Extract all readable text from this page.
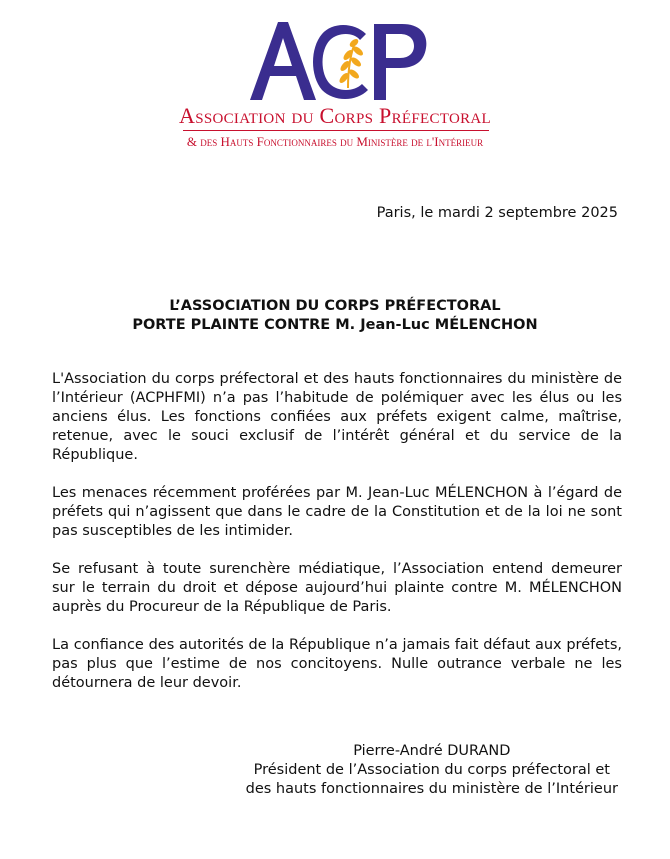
Association du Corps Préfectoral
& des Hauts Fonctionnaires du Ministère de l'Intérieur
Paris, le mardi 2 septembre 2025
L’ASSOCIATION DU CORPS PRÉFECTORAL
PORTE PLAINTE CONTRE M. Jean-Luc MÉLENCHON

L'Association du corps préfectoral et des hauts fonctionnaires du ministère de l’Intérieur (ACPHFMI) n’a pas l’habitude de polémiquer avec les élus ou les anciens élus. Les fonctions confiées aux préfets exigent calme, maîtrise, retenue, avec le souci exclusif de l’intérêt général et du service de la République.

Les menaces récemment proférées par M. Jean-Luc MÉLENCHON à l’égard de préfets qui n’agissent que dans le cadre de la Constitution et de la loi ne sont pas susceptibles de les intimider.

Se refusant à toute surenchère médiatique, l’Association entend demeurer sur le terrain du droit et dépose aujourd’hui plainte contre M. MÉLENCHON auprès du Procureur de la République de Paris.

La confiance des autorités de la République n’a jamais fait défaut aux préfets, pas plus que l’estime de nos concitoyens. Nulle outrance verbale ne les détournera de leur devoir.

Pierre-André DURAND
Président de l’Association du corps préfectoral et
des hauts fonctionnaires du ministère de l’Intérieur
